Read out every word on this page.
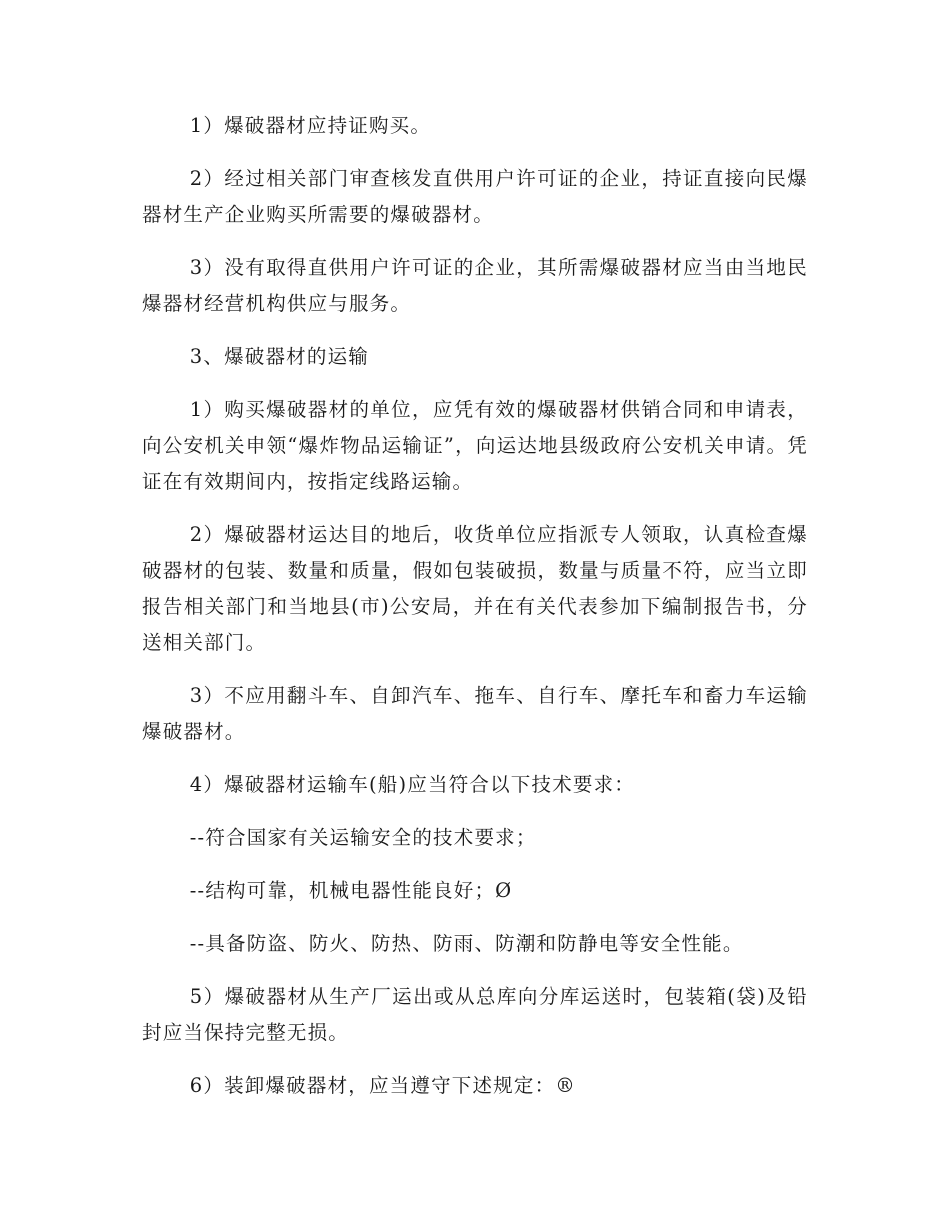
1）爆破器材应持证购买。

2）经过相关部门审查核发直供用户许可证的企业，持证直接向民爆器材生产企业购买所需要的爆破器材。

3）没有取得直供用户许可证的企业，其所需爆破器材应当由当地民爆器材经营机构供应与服务。

3、爆破器材的运输

1）购买爆破器材的单位，应凭有效的爆破器材供销合同和申请表，向公安机关申领“爆炸物品运输证”，向运达地县级政府公安机关申请。凭证在有效期间内，按指定线路运输。

2）爆破器材运达目的地后，收货单位应指派专人领取，认真检查爆破器材的包装、数量和质量，假如包装破损，数量与质量不符，应当立即报告相关部门和当地县(市)公安局，并在有关代表参加下编制报告书，分送相关部门。

3）不应用翻斗车、自卸汽车、拖车、自行车、摩托车和畜力车运输爆破器材。

4）爆破器材运输车(船)应当符合以下技术要求：

--符合国家有关运输安全的技术要求；

--结构可靠，机械电器性能良好；Ø

--具备防盗、防火、防热、防雨、防潮和防静电等安全性能。

5）爆破器材从生产厂运出或从总库向分库运送时，包装箱(袋)及铅封应当保持完整无损。

6）装卸爆破器材，应当遵守下述规定：®
